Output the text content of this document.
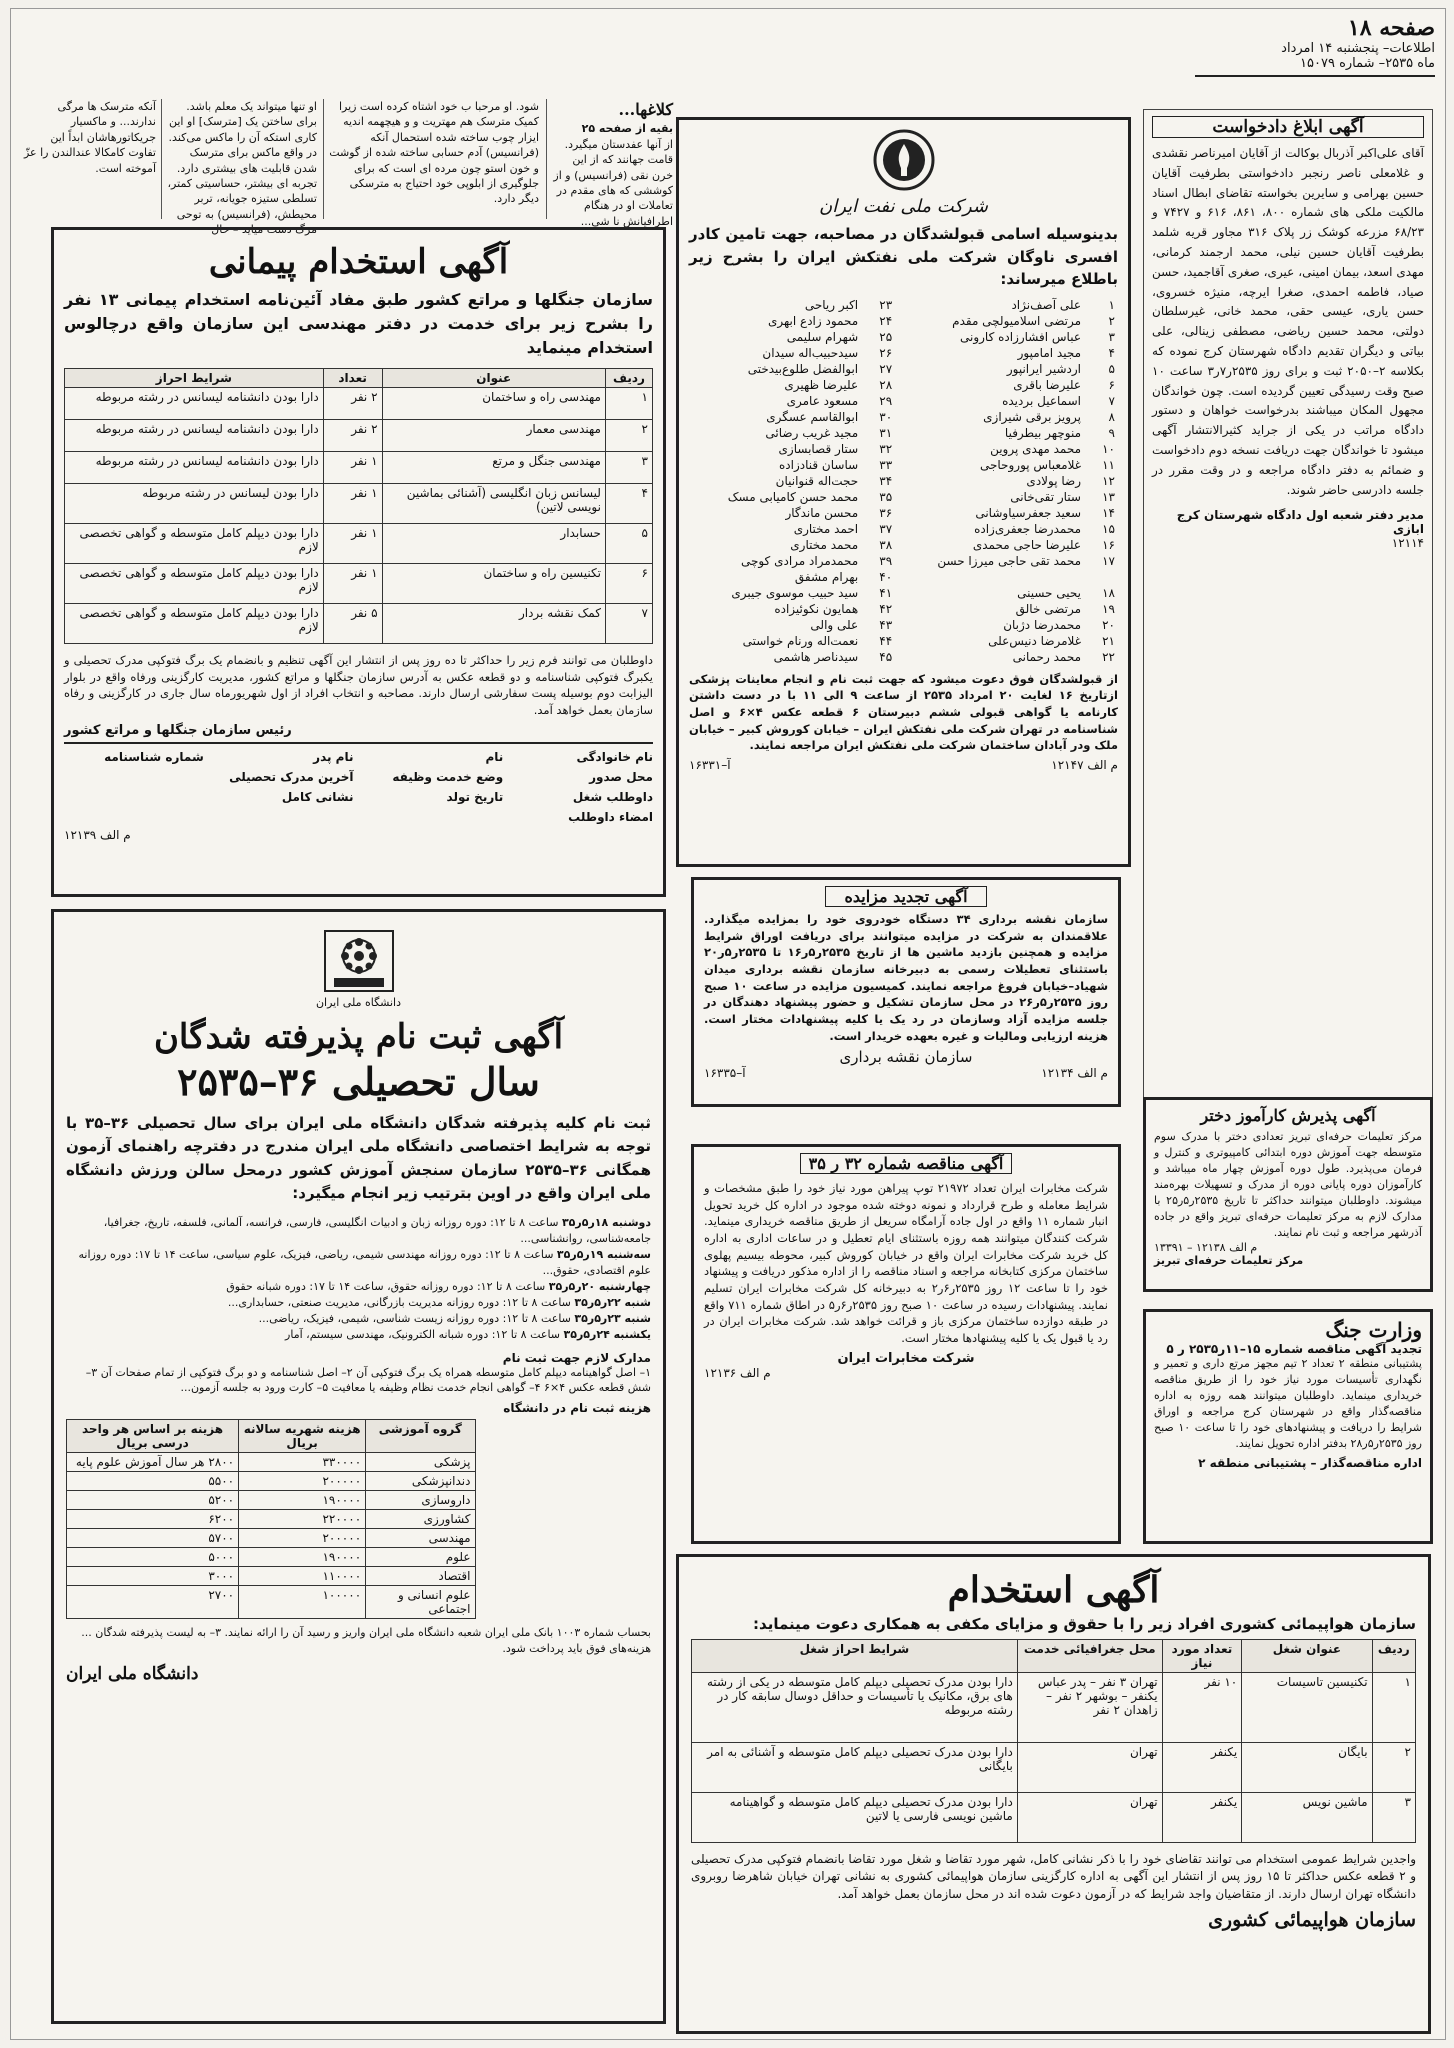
صفحه ۱۸
اطلاعات– پنجشنبه ۱۴ امرداد
ماه ۲۵۳۵– شماره ۱۵۰۷۹
آنکه مترسک ها مرگی ندارند... و ماکسیار جریکاتورهاشان ابداً این تفاوت کامکالا عندالندن را عزّ آموخته است.
او تنها میتواند یک معلم باشد. برای ساختن یک [مترسک] او این کاری استکه آن را ماکس می‌کند. در واقع ماکس برای مترسک شدن قابلیت های بیشتری دارد. تجربه ای بیشتر، حساسیتی کمتر، تسلطی ستیزه جویانه، تربر محیطش، (فرانسیس) به توحی مرگ دست میاید – حال
شود. او مرحبا ب خود اشتاه کرده است زیرا کمیک مترسک هم مهتریت و و هیچهمه اندیه ایزار چوب ساخته شده استحمال آنکه (فرانسیس) آدم حسابی ساخته شده از گوشت و خون استو چون مرده ای است که برای جلوگیری از ابلوپی خود احتیاج به مترسکی دیگر دارد.
کلاغها...
بقیه از صفحه ۲۵
از آنها عفدستان میگیرد. قامت جهانند که از این خرن نقی (فرانسیس) و از کوششی که های مقدم در تعاملات او در هنگام اطرافیانش نا شی...
آگهی استخدام پیمانی
سازمان جنگلها و مراتع کشور طبق مفاد آئین‌نامه استخدام پیمانی ۱۳ نفر را بشرح زیر برای خدمت در دفتر مهندسی این سازمان واقع درچالوس استخدام مینماید
ردیف	عنوان	تعداد	شرایط احراز
۱	مهندسی راه و ساختمان	۲ نفر	دارا بودن دانشنامه لیسانس در رشته مربوطه
۲	مهندسی معمار	۲ نفر	دارا بودن دانشنامه لیسانس در رشته مربوطه
۳	مهندسی جنگل و مرتع	۱ نفر	دارا بودن دانشنامه لیسانس در رشته مربوطه
۴	لیسانس زبان انگلیسی (آشنائی بماشین نویسی لاتین)	۱ نفر	دارا بودن لیسانس در رشته مربوطه
۵	حسابدار	۱ نفر	دارا بودن دیپلم کامل متوسطه و گواهی تخصصی لازم
۶	تکنیسین راه و ساختمان	۱ نفر	دارا بودن دیپلم کامل متوسطه و گواهی تخصصی لازم
۷	کمک نقشه بردار	۵ نفر	دارا بودن دیپلم کامل متوسطه و گواهی تخصصی لازم
داوطلبان می توانند فرم زیر را حداکثر تا ده روز پس از انتشار این آگهی تنظیم و بانضمام یک برگ فتوکپی مدرک تحصیلی و یکبرگ فتوکپی شناسنامه و دو قطعه عکس به آدرس سازمان جنگلها و مراتع کشور، مدیریت کارگزینی ورفاه واقع در بلوار الیزابت دوم بوسیله پست سفارشی ارسال دارند. مصاحبه و انتخاب افراد از اول شهریورماه سال جاری در کارگزینی و رفاه سازمان بعمل خواهد آمد.
رئیس سازمان جنگلها و مراتع کشور
نام خانوادگی
نام
نام پدر
شماره شناسنامه
محل صدور
وضع خدمت وظیفه
آخرین مدرک تحصیلی
داوطلب شغل
تاریخ تولد
نشانی کامل
امضاء داوطلب
م الف ۱۲۱۳۹
دانشگاه ملی ایران
آگهی ثبت نام پذیرفته شدگان
سال تحصیلی ۳۶–۲۵۳۵
ثبت نام کلیه پذیرفته شدگان دانشگاه ملی ایران برای سال تحصیلی ۳۶–۳۵ با توجه به شرایط اختصاصی دانشگاه ملی ایران مندرج در دفترچه راهنمای آزمون همگانی ۳۶–۲۵۳۵ سازمان سنجش آموزش کشور درمحل سالن ورزش دانشگاه ملی ایران واقع در اوین بترتیب زیر انجام میگیرد:
دوشنبه ۱۸ر۵ر۳۵ ساعت ۸ تا ۱۲: دوره روزانه زبان و ادبیات انگلیسی، فارسی، فرانسه، آلمانی، فلسفه، تاریخ، جغرافیا، جامعه‌شناسی، روانشناسی...
سه‌شنبه ۱۹ر۵ر۳۵ ساعت ۸ تا ۱۲: دوره روزانه مهندسی شیمی، ریاضی، فیزیک، علوم سیاسی، ساعت ۱۴ تا ۱۷: دوره روزانه علوم اقتصادی، حقوق...
چهارشنبه ۲۰ر۵ر۳۵ ساعت ۸ تا ۱۲: دوره روزانه حقوق، ساعت ۱۴ تا ۱۷: دوره شبانه حقوق
شنبه ۲۲ر۵ر۳۵ ساعت ۸ تا ۱۲: دوره روزانه مدیریت بازرگانی، مدیریت صنعتی، حسابداری...
شنبه ۲۳ر۵ر۳۵ ساعت ۸ تا ۱۲: دوره روزانه زیست شناسی، شیمی، فیزیک، ریاضی...
یکشنبه ۲۴ر۵ر۳۵ ساعت ۸ تا ۱۲: دوره شبانه الکترونیک، مهندسی سیستم، آمار
مدارک لازم جهت ثبت نام
۱– اصل گواهینامه دیپلم کامل متوسطه همراه یک برگ فتوکپی آن ۲– اصل شناسنامه و دو برگ فتوکپی از تمام صفحات آن ۳– شش قطعه عکس ۴×۶ ۴– گواهی انجام خدمت نظام وظیفه یا معافیت ۵– کارت ورود به جلسه آزمون...
هزینه ثبت نام در دانشگاه
گروه آموزشی	هزینه شهریه سالانه بریال	هزینه بر اساس هر واحد درسی بریال
پزشکی	۳۳۰۰۰۰	۲۸۰۰ هر سال آموزش علوم پایه
دندانپزشکی	۲۰۰۰۰۰	۵۵۰۰
داروسازی	۱۹۰۰۰۰	۵۲۰۰
کشاورزی	۲۲۰۰۰۰	۶۲۰۰
مهندسی	۲۰۰۰۰۰	۵۷۰۰
علوم	۱۹۰۰۰۰	۵۰۰۰
اقتصاد	۱۱۰۰۰۰	۳۰۰۰
علوم انسانی و اجتماعی	۱۰۰۰۰۰	۲۷۰۰
بحساب شماره ۱۰۰۳ بانک ملی ایران شعبه دانشگاه ملی ایران واریز و رسید آن را ارائه نمایند. ۳– به لیست پذیرفته شدگان ... هزینه‌های فوق باید پرداخت شود.
دانشگاه ملی ایران
شرکت ملی نفت ایران
بدینوسیله اسامی قبولشدگان در مصاحبه، جهت تامین کادر افسری ناوگان شرکت ملی نفتکش ایران را بشرح زیر باطلاع میرساند:
۱	علی آصف‌نژاد	۲۳	اکبر ریاحی
۲	مرتضی اسلامیولچی مقدم	۲۴	محمود زادع ابهری
۳	عباس افشارزاده کارونی	۲۵	شهرام سلیمی
۴	مجید امامپور	۲۶	سیدحبیب‌اله سیدان
۵	اردشیر ایرانپور	۲۷	ابوالفضل طلوع‌بیدختی
۶	علیرضا باقری	۲۸	علیرضا ظهیری
۷	اسماعیل بردیده	۲۹	مسعود عامری
۸	پرویز برقی شیرازی	۳۰	ابوالقاسم عسگری
۹	منوچهر بیطرفیا	۳۱	مجید غریب رضائی
۱۰	محمد مهدی پروین	۳۲	ستار قصابسازی
۱۱	غلامعباس پوروحاجی	۳۳	ساسان قنادزاده
۱۲	رضا پولادی	۳۴	حجت‌اله قنوانیان
۱۳	ستار تقی‌خانی	۳۵	محمد حسن کامیابی مسک
۱۴	سعید جعفرسیاوشانی	۳۶	محسن ماندگار
۱۵	محمدرضا جعفری‌زاده	۳۷	احمد مختاری
۱۶	علیرضا حاجی محمدی	۳۸	محمد مختاری
۱۷	محمد تقی حاجی میرزا حسن	۳۹	محمدمراد مرادی کوچی
		۴۰	بهرام مشفق
۱۸	یحیی حسینی	۴۱	سید حبیب موسوی جیبری
۱۹	مرتضی خالق	۴۲	همایون نکوئیزاده
۲۰	محمدرضا دژبان	۴۳	علی والی
۲۱	غلامرضا دنیس‌علی	۴۴	نعمت‌اله ورنام خواستی
۲۲	محمد رحمانی	۴۵	سیدناصر هاشمی
از قبولشدگان فوق دعوت میشود که جهت ثبت نام و انجام معاینات پزشکی ازتاریخ ۱۶ لغایت ۲۰ امرداد ۲۵۳۵ از ساعت ۹ الی ۱۱ با در دست داشتن کارنامه یا گواهی قبولی ششم دبیرستان ۶ قطعه عکس ۴×۶ و اصل شناسنامه در تهران شرکت ملی نفتکش ایران – خیابان کوروش کبیر – خیابان ملک ودر آبادان ساختمان شرکت ملی نفتکش ایران مراجعه نمایند.
م الف ۱۲۱۴۷
آ–۱۶۳۳۱
آگهی تجدید مزایده
سازمان نقشه برداری ۳۴ دستگاه خودروی خود را بمزایده میگذارد. علاقمندان به شرکت در مزایده میتوانند برای دریافت اوراق شرایط مزایده و همچنین بازدید ماشین ها از تاریخ ۲۵۳۵ر۵ر۱۶ تا ۲۵۳۵ر۵ر۲۰ باستثنای تعطیلات رسمی به دبیرخانه سازمان نقشه برداری میدان شهیاد–خیابان فروغ مراجعه نمایند. کمیسیون مزایده در ساعت ۱۰ صبح روز ۲۵۳۵ر۵ر۲۶ در محل سازمان تشکیل و حضور پیشنهاد دهندگان در جلسه مزایده آزاد وسازمان در رد یک یا کلیه پیشنهادات مختار است. هزینه ارزیابی ومالیات و غیره بعهده خریدار است.
سازمان نقشه برداری
م الف ۱۲۱۳۴
آ–۱۶۳۳۵
آگهی مناقصه شماره ۳۲ ر ۳۵
شرکت مخابرات ایران تعداد ۲۱۹۷۲ توپ پیراهن مورد نیاز خود را طبق مشخصات و شرایط معامله و طرح قرارداد و نمونه دوخته شده موجود در اداره کل خرید تحویل انبار شماره ۱۱ واقع در اول جاده آرامگاه سریعل از طریق مناقصه خریداری مینماید. شرکت کنندگان میتوانند همه روزه باستثنای ایام تعطیل و در ساعات اداری به اداره کل خرید شرکت مخابرات ایران واقع در خیابان کوروش کبیر، محوطه بیسیم پهلوی ساختمان مرکزی کتابخانه مراجعه و اسناد مناقصه را از اداره مذکور دریافت و پیشنهاد خود را تا ساعت ۱۲ روز ۲۵۳۵ر۶ر۲ به دبیرخانه کل شرکت مخابرات ایران تسلیم نمایند. پیشنهادات رسیده در ساعت ۱۰ صبح روز ۲۵۳۵ر۶ر۵ در اطاق شماره ۷۱۱ واقع در طبقه دوازده ساختمان مرکزی باز و قرائت خواهد شد. شرکت مخابرات ایران در رد یا قبول یک یا کلیه پیشنهادها مختار است.
شرکت مخابرات ایران
م الف ۱۲۱۳۶
آگهی ابلاغ دادخواست
آقای علی‌اکبر آذربال بوکالت از آقایان امیرناصر نقشدی و غلامعلی ناصر رنجبر دادخواستی بطرفیت آقایان حسین بهرامی و سایرین بخواسته تقاضای ابطال اسناد مالکیت ملکی های شماره ۸۰۰، ۸۶۱، ۶۱۶ و ۷۴۲۷ و ۶۸/۲۳ مزرعه کوشک زر پلاک ۳۱۶ مجاور قریه شلمد بطرفیت آقایان حسین نیلی، محمد ارجمند کرمانی، مهدی اسعد، بیمان امینی، عیری، صغری آقاجمید، حسن صیاد، فاطمه احمدی، صغرا ایرچه، منیژه خسروی، حسن یاری، عیسی حقی، محمد خانی، غیرسلطان دولتی، محمد حسین ریاضی، مصطفی زینالی، علی بیاتی و دیگران تقدیم دادگاه شهرستان کرج نموده که بکلاسه ۲–۲۰۵۰ ثبت و برای روز ۲۵۳۵ر۷ر۳ ساعت ۱۰ صبح وقت رسیدگی تعیین گردیده است. چون خواندگان مجهول المکان میباشند بدرخواست خواهان و دستور دادگاه مراتب در یکی از جراید کثیرالانتشار آگهی میشود تا خواندگان جهت دریافت نسخه دوم دادخواست و ضمائم به دفتر دادگاه مراجعه و در وقت مقرر در جلسه دادرسی حاضر شوند.
مدیر دفتر شعبه اول دادگاه شهرستان کرج ابازی
۱۲۱۱۴
آگهی پذیرش کارآموز دختر
مرکز تعلیمات حرفه‌ای تبریز تعدادی دختر با مدرک سوم متوسطه جهت آموزش دوره ابتدائی کامپیوتری و کنترل و فرمان می‌پذیرد. طول دوره آموزش چهار ماه میباشد و کارآموزان دوره پایانی دوره از مدرک و تسهیلات بهره‌مند میشوند. داوطلبان میتوانند حداکثر تا تاریخ ۲۵۳۵ر۵ر۲۵ با مدارک لازم به مرکز تعلیمات حرفه‌ای تبریز واقع در جاده آذرشهر مراجعه و ثبت نام نمایند.
م الف ۱۲۱۳۸ – ۱۳۳۹۱
مرکز تعلیمات حرفه‌ای تبریز
وزارت جنگ
تجدید آگهی مناقصه شماره ۱۵–۱۱ر۲۵۳۵ ر ۵
پشتیبانی منطقه ۲ تعداد ۲ تیم مجهز مرتع داری و تعمیر و نگهداری تأسیسات مورد نیاز خود را از طریق مناقصه خریداری مینماید. داوطلبان میتوانند همه روزه به اداره مناقصه‌گذار واقع در شهرستان کرج مراجعه و اوراق شرایط را دریافت و پیشنهادهای خود را تا ساعت ۱۰ صبح روز ۲۵۳۵ر۵ر۲۸ بدفتر اداره تحویل نمایند.
اداره مناقصه‌گذار – پشتیبانی منطقه ۲
آگهی استخدام
سازمان هواپیمائی کشوری افراد زیر را با حقوق و مزایای مکفی به همکاری دعوت مینماید:
ردیف	عنوان شغل	تعداد مورد نیاز	محل جغرافیائی خدمت	شرایط احراز شغل
۱	تکنیسین تاسیسات	۱۰ نفر	تهران ۳ نفر – پدر عباس یکنفر – بوشهر ۲ نفر – زاهدان ۲ نفر	دارا بودن مدرک تحصیلی دیپلم کامل متوسطه در یکی از رشته های برق، مکانیک یا تأسیسات و حداقل دوسال سابقه کار در رشته مربوطه
۲	بایگان	یکنفر	تهران	دارا بودن مدرک تحصیلی دیپلم کامل متوسطه و آشنائی به امر بایگانی
۳	ماشین نویس	یکنفر	تهران	دارا بودن مدرک تحصیلی دیپلم کامل متوسطه و گواهینامه ماشین نویسی فارسی یا لاتین
واجدین شرایط عمومی استخدام می توانند تقاضای خود را با ذکر نشانی کامل، شهر مورد تقاضا و شغل مورد تقاضا بانضمام فتوکپی مدرک تحصیلی و ۲ قطعه عکس حداکثر تا ۱۵ روز پس از انتشار این آگهی به اداره کارگزینی سازمان هواپیمائی کشوری به نشانی تهران خیابان شاهرضا روبروی دانشگاه تهران ارسال دارند. از متقاضیان واجد شرایط که در آزمون دعوت شده اند در محل سازمان بعمل خواهد آمد.
سازمان هواپیمائی کشوری
